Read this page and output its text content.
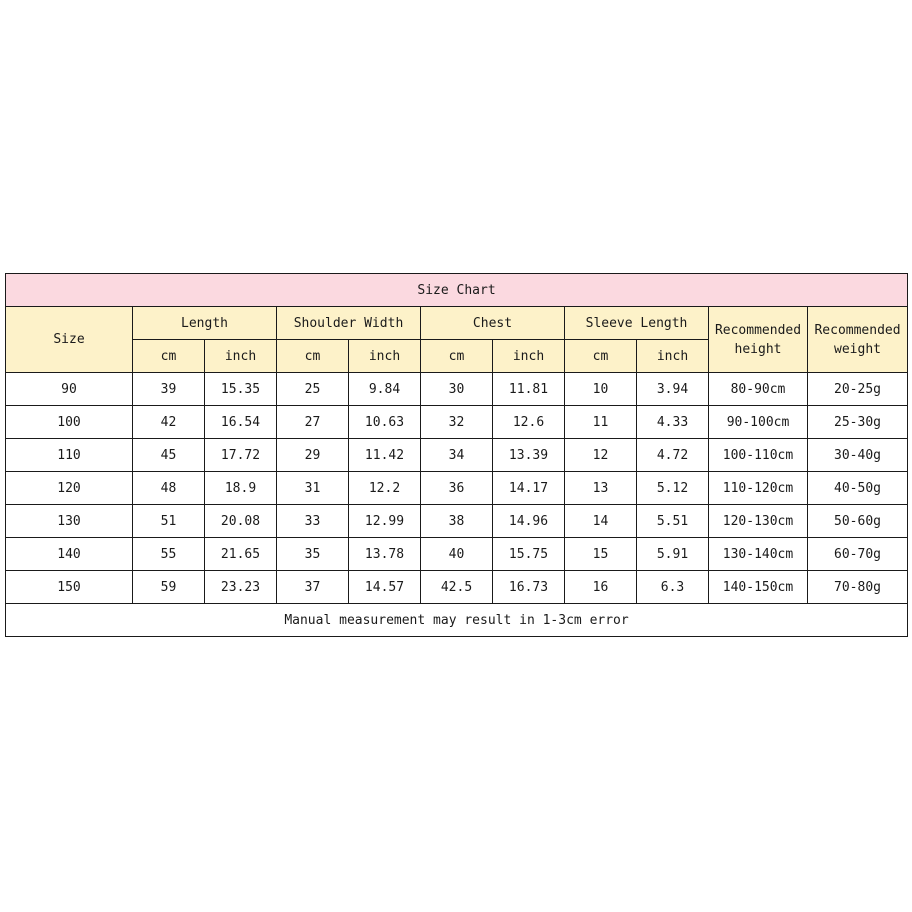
Size Chart										
Size	Length		Shoulder Width		Chest		Sleeve Length		Recommended height	Recommended weight
	cm	inch	cm	inch	cm	inch	cm	inch		
90	39	15.35	25	9.84	30	11.81	10	3.94	80-90cm	20-25g
100	42	16.54	27	10.63	32	12.6	11	4.33	90-100cm	25-30g
110	45	17.72	29	11.42	34	13.39	12	4.72	100-110cm	30-40g
120	48	18.9	31	12.2	36	14.17	13	5.12	110-120cm	40-50g
130	51	20.08	33	12.99	38	14.96	14	5.51	120-130cm	50-60g
140	55	21.65	35	13.78	40	15.75	15	5.91	130-140cm	60-70g
150	59	23.23	37	14.57	42.5	16.73	16	6.3	140-150cm	70-80g
Manual measurement may result in 1-3cm error										
